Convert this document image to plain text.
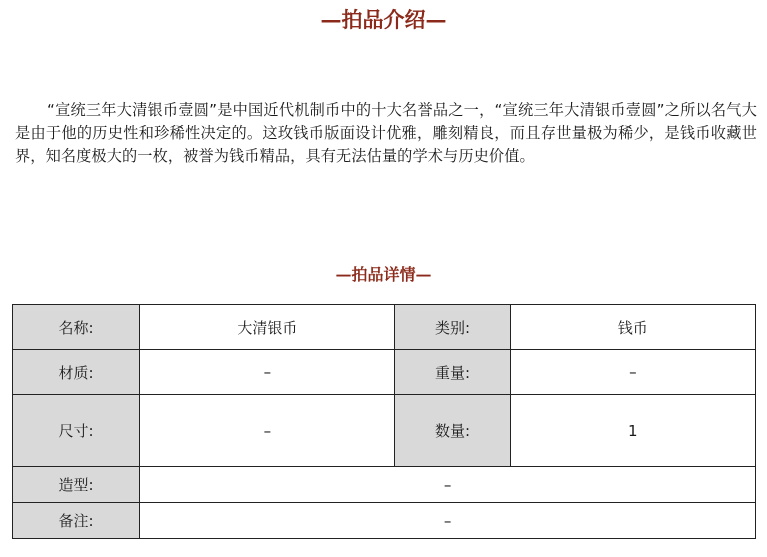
—拍品介绍—

“宣统三年大清银币壹圆”是中国近代机制币中的十大名誉品之一，“宣统三年大清银币壹圆”之所以名气大是由于他的历史性和珍稀性决定的。这玫钱币版面设计优雅，雕刻精良，而且存世量极为稀少，是钱币收藏世界，知名度极大的一枚，被誉为钱币精品，具有无法估量的学术与历史价值。

—拍品详情—
名称:	大清银币	类别:	钱币
材质:	–	重量:	–
尺寸:	–	数量:	1
造型:	–		
备注:	–		
